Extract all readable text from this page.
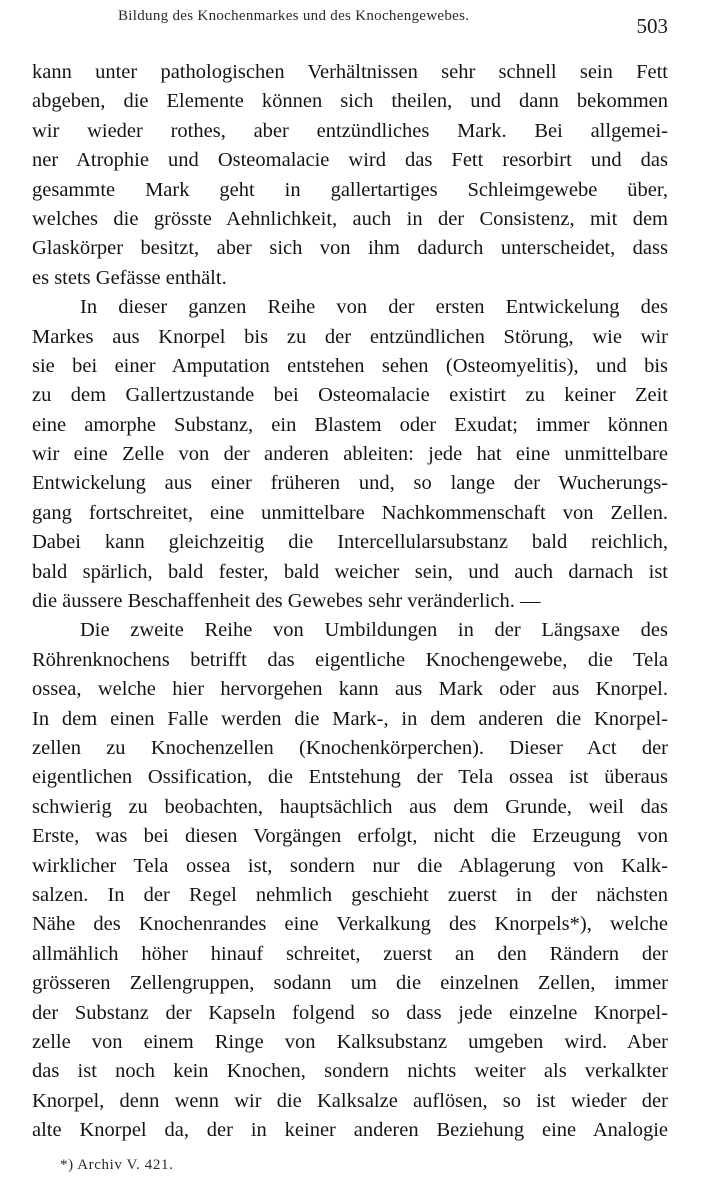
Bildung des Knochenmarkes und des Knochengewebes.	503
kann unter pathologischen Verhältnissen sehr schnell sein Fett
abgeben, die Elemente können sich theilen, und dann bekommen
wir wieder rothes, aber entzündliches Mark. Bei allgemei-
ner Atrophie und Osteomalacie wird das Fett resorbirt und das
gesammte Mark geht in gallertartiges Schleimgewebe über,
welches die grösste Aehnlichkeit, auch in der Consistenz, mit dem
Glaskörper besitzt, aber sich von ihm dadurch unterscheidet, dass
es stets Gefässe enthält.
In dieser ganzen Reihe von der ersten Entwickelung des
Markes aus Knorpel bis zu der entzündlichen Störung, wie wir
sie bei einer Amputation entstehen sehen (Osteomyelitis), und bis
zu dem Gallertzustande bei Osteomalacie existirt zu keiner Zeit
eine amorphe Substanz, ein Blastem oder Exudat; immer können
wir eine Zelle von der anderen ableiten: jede hat eine unmittelbare
Entwickelung aus einer früheren und, so lange der Wucherungs-
gang fortschreitet, eine unmittelbare Nachkommenschaft von Zellen.
Dabei kann gleichzeitig die Intercellularsubstanz bald reichlich,
bald spärlich, bald fester, bald weicher sein, und auch darnach ist
die äussere Beschaffenheit des Gewebes sehr veränderlich. —
Die zweite Reihe von Umbildungen in der Längsaxe des
Röhrenknochens betrifft das eigentliche Knochengewebe, die Tela
ossea, welche hier hervorgehen kann aus Mark oder aus Knorpel.
In dem einen Falle werden die Mark-, in dem anderen die Knorpel-
zellen zu Knochenzellen (Knochenkörperchen). Dieser Act der
eigentlichen Ossification, die Entstehung der Tela ossea ist überaus
schwierig zu beobachten, hauptsächlich aus dem Grunde, weil das
Erste, was bei diesen Vorgängen erfolgt, nicht die Erzeugung von
wirklicher Tela ossea ist, sondern nur die Ablagerung von Kalk-
salzen. In der Regel nehmlich geschieht zuerst in der nächsten
Nähe des Knochenrandes eine Verkalkung des Knorpels*), welche
allmählich höher hinauf schreitet, zuerst an den Rändern der
grösseren Zellengruppen, sodann um die einzelnen Zellen, immer
der Substanz der Kapseln folgend so dass jede einzelne Knorpel-
zelle von einem Ringe von Kalksubstanz umgeben wird. Aber
das ist noch kein Knochen, sondern nichts weiter als verkalkter
Knorpel, denn wenn wir die Kalksalze auflösen, so ist wieder der
alte Knorpel da, der in keiner anderen Beziehung eine Analogie
*) Archiv V. 421.
